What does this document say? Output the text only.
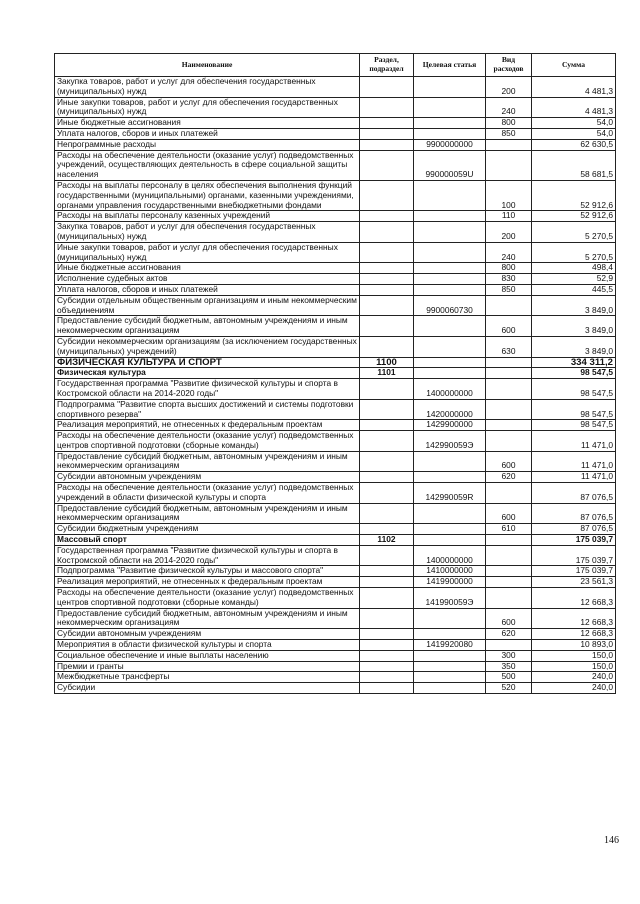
Наименование	Раздел, подраздел	Целевая статья	Вид расходов	Сумма
Закупка товаров, работ и услуг для обеспечения государственных (муниципальных) нужд			200	4 481,3
Иные закупки товаров, работ и услуг для обеспечения государственных (муниципальных) нужд			240	4 481,3
Иные бюджетные ассигнования			800	54,0
Уплата налогов, сборов и иных платежей			850	54,0
Непрограммные расходы		9900000000		62 630,5
Расходы на обеспечение деятельности (оказание услуг) подведомственных учреждений, осуществляющих деятельность в сфере социальной защиты населения		990000059U		58 681,5
Расходы на выплаты персоналу в целях обеспечения выполнения функций государственными (муниципальными) органами, казенными учреждениями, органами управления государственными внебюджетными фондами			100	52 912,6
Расходы на выплаты персоналу казенных учреждений			110	52 912,6
Закупка товаров, работ и услуг для обеспечения государственных (муниципальных) нужд			200	5 270,5
Иные закупки товаров, работ и услуг для обеспечения государственных (муниципальных) нужд			240	5 270,5
Иные бюджетные ассигнования			800	498,4
Исполнение судебных актов			830	52,9
Уплата налогов, сборов и иных платежей			850	445,5
Субсидии отдельным общественным организациям и иным некоммерческим объединениям		9900060730		3 849,0
Предоставление субсидий бюджетным, автономным учреждениям и иным некоммерческим организациям			600	3 849,0
Субсидии некоммерческим организациям (за исключением государственных (муниципальных) учреждений)			630	3 849,0
ФИЗИЧЕСКАЯ КУЛЬТУРА И СПОРТ	1100			334 311,2
Физическая культура	1101			98 547,5
Государственная программа "Развитие физической культуры и спорта в Костромской области на 2014-2020 годы"		1400000000		98 547,5
Подпрограмма "Развитие спорта высших достижений и системы подготовки спортивного резерва"		1420000000		98 547,5
Реализация мероприятий, не отнесенных к федеральным проектам		1429900000		98 547,5
Расходы на обеспечение деятельности (оказание услуг) подведомственных центров спортивной подготовки (сборные команды)		142990059Э		11 471,0
Предоставление субсидий бюджетным, автономным учреждениям и иным некоммерческим организациям			600	11 471,0
Субсидии автономным учреждениям			620	11 471,0
Расходы на обеспечение деятельности (оказание услуг) подведомственных учреждений в области физической культуры и спорта		142990059R		87 076,5
Предоставление субсидий бюджетным, автономным учреждениям и иным некоммерческим организациям			600	87 076,5
Субсидии бюджетным учреждениям			610	87 076,5
Массовый спорт	1102			175 039,7
Государственная программа "Развитие физической культуры и спорта в Костромской области на 2014-2020 годы"		1400000000		175 039,7
Подпрограмма "Развитие физической культуры и массового спорта"		1410000000		175 039,7
Реализация мероприятий, не отнесенных к федеральным проектам		1419900000		23 561,3
Расходы на обеспечение деятельности (оказание услуг) подведомственных центров спортивной подготовки (сборные команды)		141990059Э		12 668,3
Предоставление субсидий бюджетным, автономным учреждениям и иным некоммерческим организациям			600	12 668,3
Субсидии автономным учреждениям			620	12 668,3
Мероприятия в области физической культуры и спорта		1419920080		10 893,0
Социальное обеспечение и иные выплаты населению			300	150,0
Премии и гранты			350	150,0
Межбюджетные трансферты			500	240,0
Субсидии			520	240,0
146
